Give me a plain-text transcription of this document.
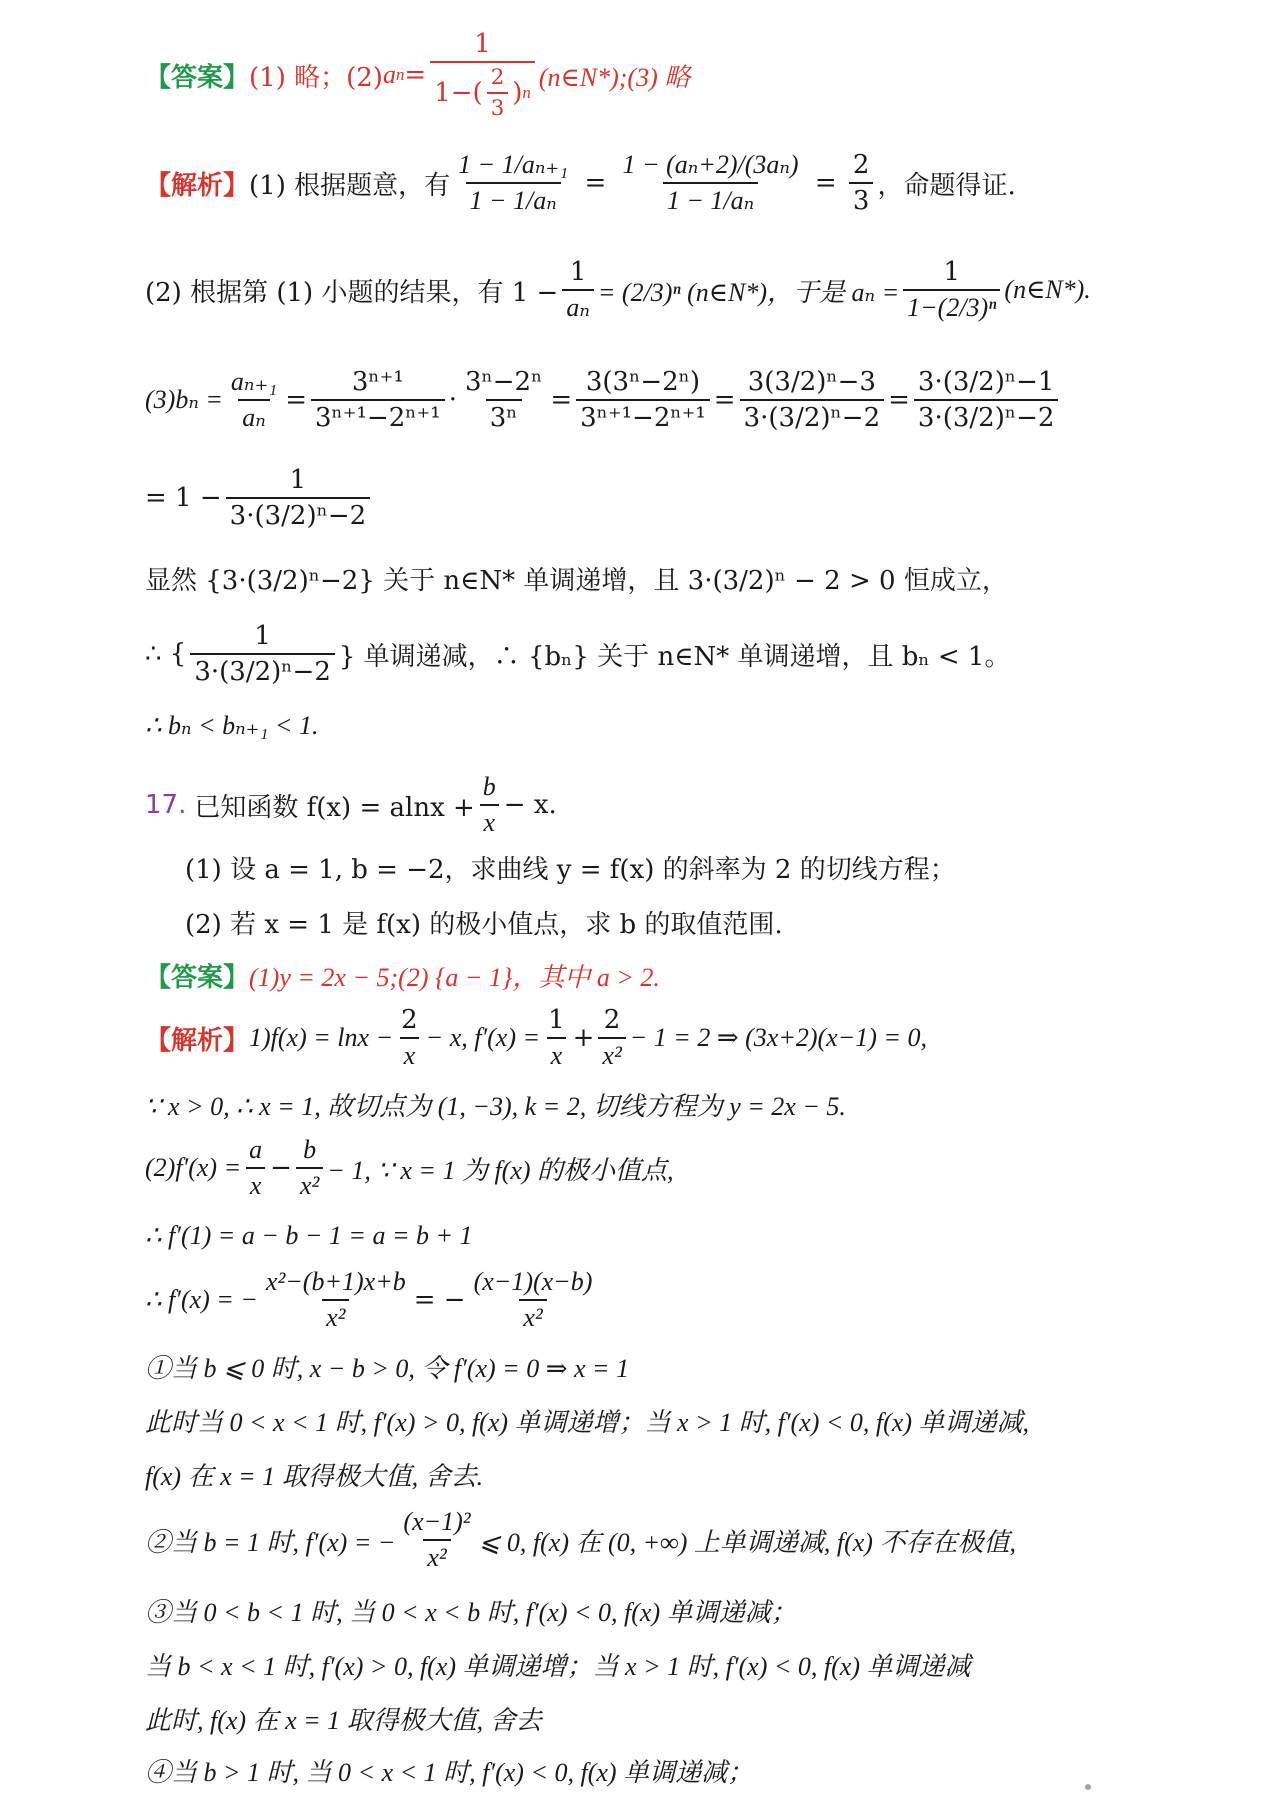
【答案】 (1) 略；(2) a $n = \frac{1}{1-( \frac{2}{3} ) n}$ (n∈N*);(3) 略
【解析】 (1) 根据题意，有 $\frac{\text{1 − 1/aₙ₊₁}}{\text{1 − 1/aₙ}} = \frac{\text{1 − (aₙ+2)/(3aₙ)}}{\text{1 − 1/aₙ}} = \frac{2}{3}$ ，命题得证.
(2) 根据第 (1) 小题的结果，有 $1 - \frac{1}{\text{aₙ}} = (2/3)^n$ (n∈N*)，于是 $a_n = \frac{1}{\text{1−(2/3)ⁿ}}$ (n∈N*).
$(3)b_n = \frac{\text{aₙ₊₁}}{\text{aₙ}} = \frac{\text{3ⁿ⁺¹}}{\text{3ⁿ⁺¹−2ⁿ⁺¹}} \cdot \frac{\text{3ⁿ−2ⁿ}}{\text{3ⁿ}} = \frac{\text{3(3ⁿ−2ⁿ)}}{\text{3ⁿ⁺¹−2ⁿ⁺¹}} = \frac{\text{3(3/2)ⁿ−3}}{\text{3·(3/2)ⁿ−2}} = \frac{\text{3·(3/2)ⁿ−1}}{\text{3·(3/2)ⁿ−2}}$
= $1 - \frac{1}{\text{3·(3/2)ⁿ−2}}$
显然 {3·(3/2)ⁿ−2} 关于 n∈N* 单调递增，且 3·(3/2)ⁿ − 2 > 0 恒成立，
∴ { $\frac{1}{\text{3·(3/2)ⁿ−2}}$ } 单调递减，∴ {bₙ} 关于 n∈N* 单调递增，且 bₙ < 1。
∴ bₙ < bₙ₊₁ < 1.
17. 已知函数 $f(x) = alnx + \frac{b}{x} - x$.
(1) 设 a = 1, b = −2，求曲线 y = f(x) 的斜率为 2 的切线方程；
(2) 若 x = 1 是 f(x) 的极小值点，求 b 的取值范围.
【答案】 (1)y = 2x − 5;(2) {a − 1}，其中 a > 2.
【解析】 $1)f(x) = \ln x - \frac{2}{x} - x$, $f'(x) = \frac{1}{x} + \frac{2}{\text{x²}} - 1 = 2$ ⇒ (3x+2)(x−1) = 0,
∵ x > 0, ∴ x = 1, 故切点为 (1, −3), k = 2, 切线方程为 y = 2x − 5.
$(2)f'(x) = \frac{a}{x} - \frac{b}{\text{x²}} - 1$, ∵ x = 1 为 f(x) 的极小值点,
∴ f′(1) = a − b − 1 = a = b + 1
∴ f′(x) = − $\frac{\text{x²−(b+1)x+b}}{\text{x²}}$ = − $\frac{(x-1)(x-b)}{\text{x²}}$
①当 b ⩽ 0 时, x − b > 0, 令 f′(x) = 0 ⇒ x = 1
此时当 0 < x < 1 时, f′(x) > 0, f(x) 单调递增；当 x > 1 时, f′(x) < 0, f(x) 单调递减,
f(x) 在 x = 1 取得极大值, 舍去.
②当 b = 1 时, f′(x) = − $\frac{\text{(x−1)²}}{\text{x²}}$ ⩽ 0, f(x) 在 (0, +∞) 上单调递减, f(x) 不存在极值,
③当 0 < b < 1 时, 当 0 < x < b 时, f′(x) < 0, f(x) 单调递减；
当 b < x < 1 时, f′(x) > 0, f(x) 单调递增；当 x > 1 时, f′(x) < 0, f(x) 单调递减
此时, f(x) 在 x = 1 取得极大值, 舍去
④当 b > 1 时, 当 0 < x < 1 时, f′(x) < 0, f(x) 单调递减；
